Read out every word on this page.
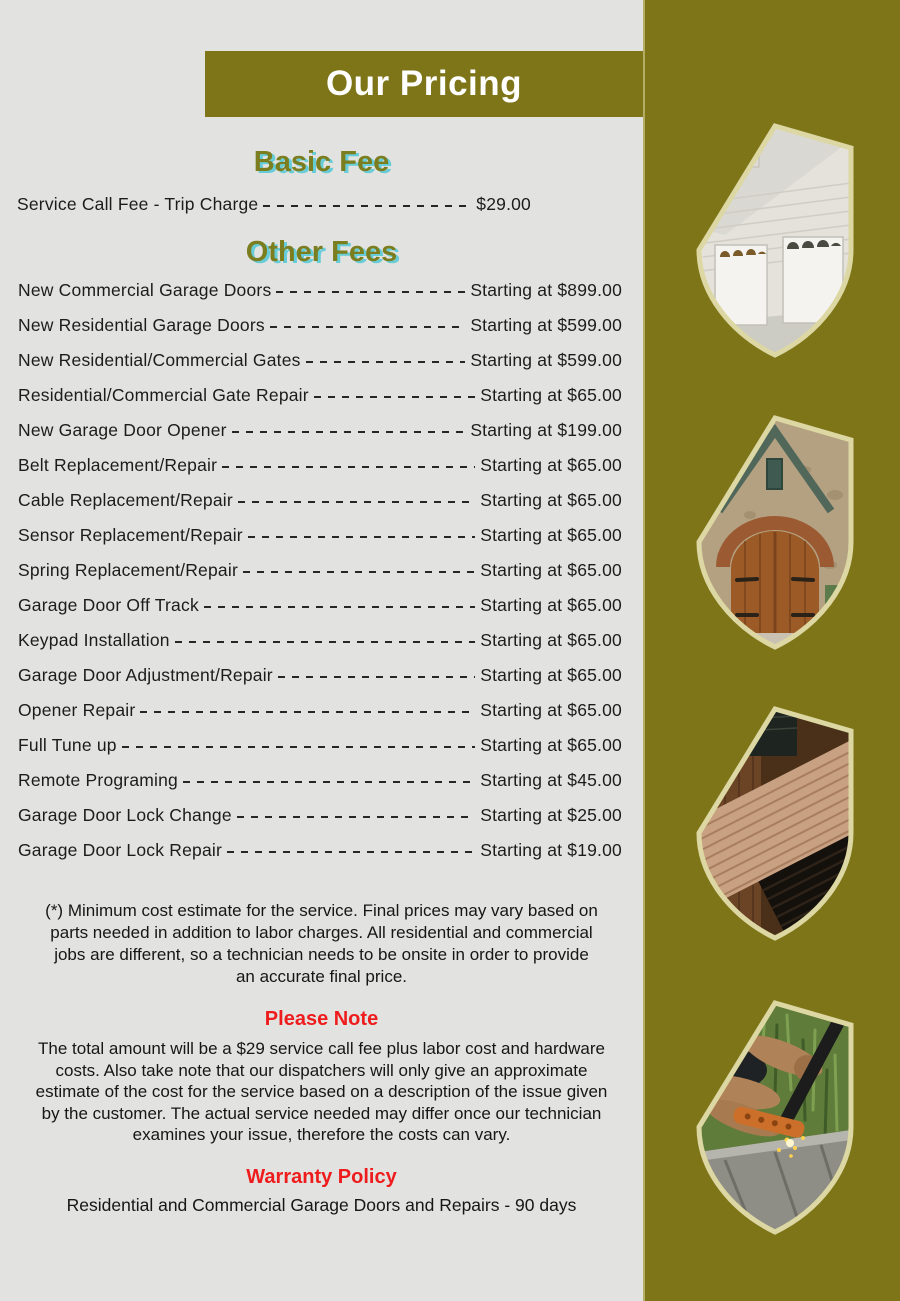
Our Pricing
Basic Fee
Service Call Fee - Trip Charge	$29.00
Other Fees
New Commercial Garage Doors	Starting at $899.00
New Residential Garage Doors	Starting at $599.00
New Residential/Commercial Gates	Starting at $599.00
Residential/Commercial Gate Repair	Starting at $65.00
New Garage Door Opener	Starting at $199.00
Belt Replacement/Repair	Starting at $65.00
Cable Replacement/Repair	Starting at $65.00
Sensor Replacement/Repair	Starting at $65.00
Spring Replacement/Repair	Starting at $65.00
Garage Door Off Track	Starting at $65.00
Keypad Installation	Starting at $65.00
Garage Door Adjustment/Repair	Starting at $65.00
Opener Repair	Starting at $65.00
Full Tune up	Starting at $65.00
Remote Programing	Starting at $45.00
Garage Door Lock Change	Starting at $25.00
Garage Door Lock Repair	Starting at $19.00

(*) Minimum cost estimate for the service. Final prices may vary based on parts needed in addition to labor charges. All residential and commercial jobs are different, so a technician needs to be onsite in order to provide an accurate final price.

Please Note

The total amount will be a $29 service call fee plus labor cost and hardware costs. Also take note that our dispatchers will only give an approximate estimate of the cost for the service based on a description of the issue given by the customer. The actual service needed may differ once our technician examines your issue, therefore the costs can vary.

Warranty Policy

Residential and Commercial Garage Doors and Repairs - 90 days
